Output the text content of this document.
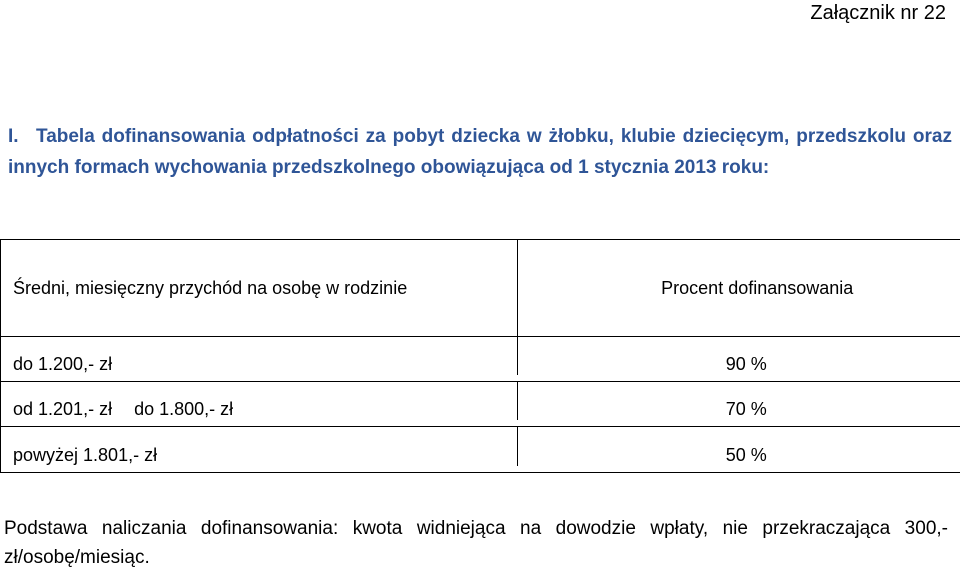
Załącznik nr 22
I. Tabela dofinansowania odpłatności za pobyt dziecka w żłobku, klubie dziecięcym, przedszkolu oraz innych formach wychowania przedszkolnego obowiązująca od 1 stycznia 2013 roku:
Średni, miesięczny przychód na osobę w rodzinie	Procent dofinansowania
do 1.200,- zł	90 %
od 1.201,- zł do 1.800,- zł	70 %
powyżej 1.801,- zł	50 %
Podstawa naliczania dofinansowania: kwota widniejąca na dowodzie wpłaty, nie przekraczająca 300,- zł/osobę/miesiąc.
